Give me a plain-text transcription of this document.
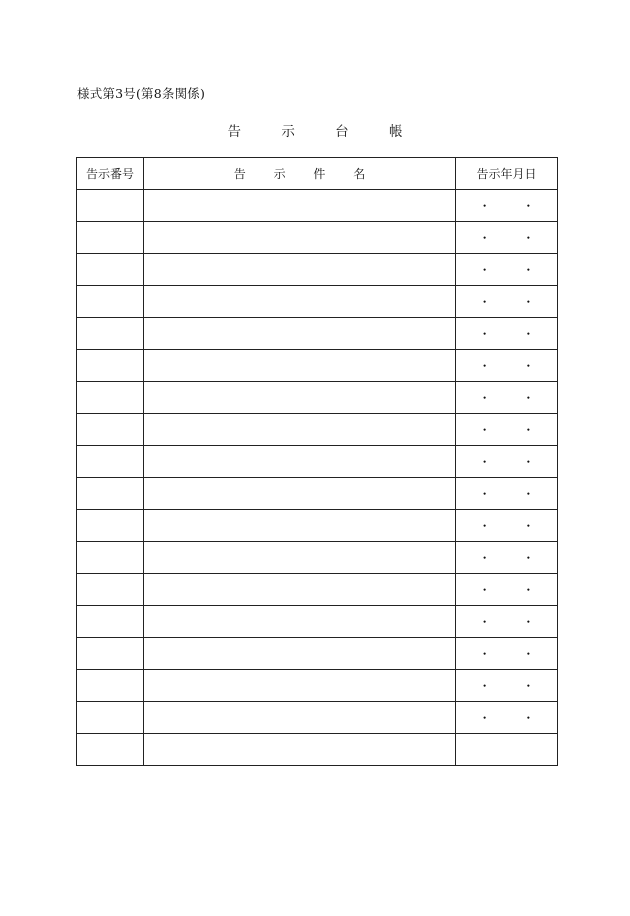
様式第3号(第8条関係)
告	示	台	帳
告示番号	告 示 件 名	告示年月日
		・ ・
		・ ・
		・ ・
		・ ・
		・ ・
		・ ・
		・ ・
		・ ・
		・ ・
		・ ・
		・ ・
		・ ・
		・ ・
		・ ・
		・ ・
		・ ・
		・ ・
